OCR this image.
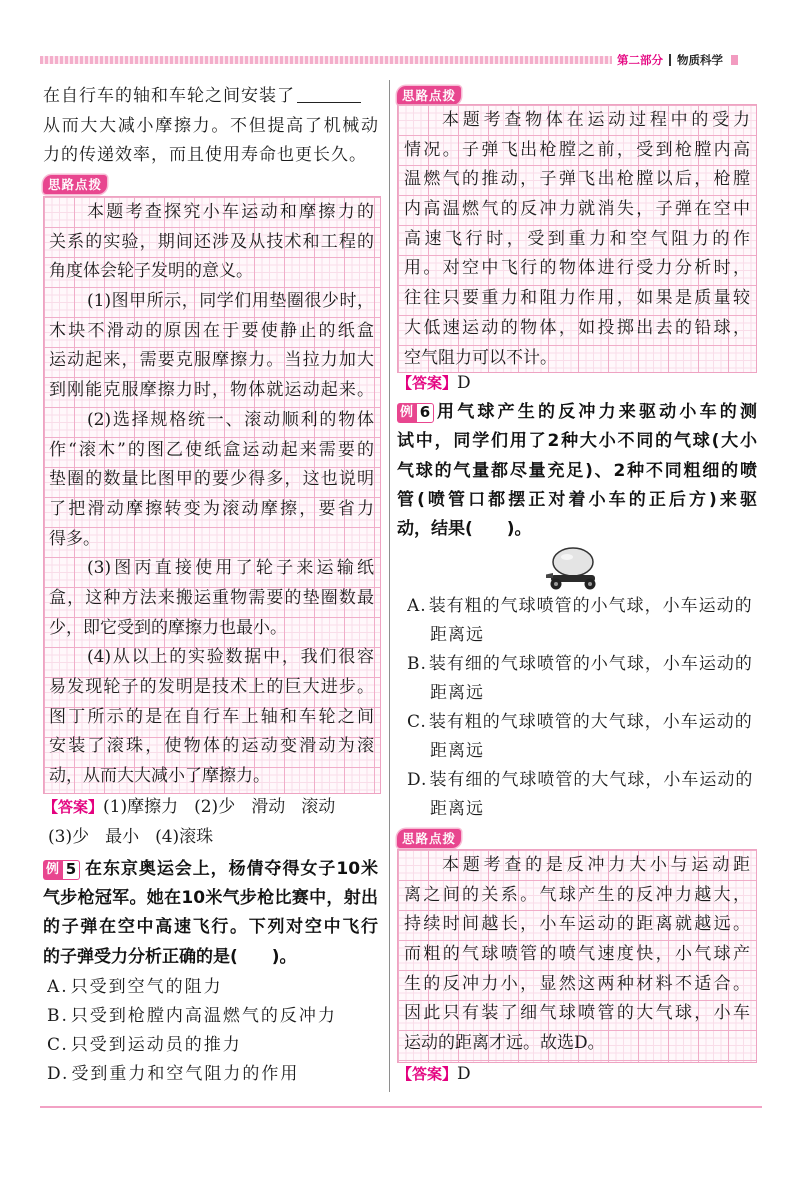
第二部分 物质科学
在自行车的轴和车轮之间安装了
从而大大减小摩擦力。不但提高了机械动
力的传递效率，而且使用寿命也更长久。
思路点拨
本题考查探究小车运动和摩擦力的
关系的实验，期间还涉及从技术和工程的
角度体会轮子发明的意义。
(1)图甲所示，同学们用垫圈很少时，
木块不滑动的原因在于要使静止的纸盒
运动起来，需要克服摩擦力。当拉力加大
到刚能克服摩擦力时，物体就运动起来。
(2)选择规格统一、滚动顺利的物体
作“滚木”的图乙使纸盒运动起来需要的
垫圈的数量比图甲的要少得多，这也说明
了把滑动摩擦转变为滚动摩擦，要省力
得多。
(3)图丙直接使用了轮子来运输纸
盒，这种方法来搬运重物需要的垫圈数最
少，即它受到的摩擦力也最小。
(4)从以上的实验数据中，我们很容
易发现轮子的发明是技术上的巨大进步。
图丁所示的是在自行车上轴和车轮之间
安装了滚珠，使物体的运动变滑动为滚
动，从而大大减小了摩擦力。
【答案】(1)摩擦力 (2)少 滑动 滚动
(3)少 最小 (4)滚珠
例 5 在东京奥运会上，杨倩夺得女子10米
气步枪冠军。她在10米气步枪比赛中，射出
的子弹在空中高速飞行。下列对空中飞行
的子弹受力分析正确的是(　　)。
A. 只受到空气的阻力
B. 只受到枪膛内高温燃气的反冲力
C. 只受到运动员的推力
D. 受到重力和空气阻力的作用
思路点拨
本题考查物体在运动过程中的受力
情况。子弹飞出枪膛之前，受到枪膛内高
温燃气的推动，子弹飞出枪膛以后，枪膛
内高温燃气的反冲力就消失，子弹在空中
高速飞行时，受到重力和空气阻力的作
用。对空中飞行的物体进行受力分析时，
往往只要重力和阻力作用，如果是质量较
大低速运动的物体，如投掷出去的铅球，
空气阻力可以不计。
【答案】D
例 6 用气球产生的反冲力来驱动小车的测
试中，同学们用了2种大小不同的气球(大小
气球的气量都尽量充足)、2种不同粗细的喷
管(喷管口都摆正对着小车的正后方)来驱
动，结果(　　)。
A. 装有粗的气球喷管的小气球，小车运动的
距离远
B. 装有细的气球喷管的小气球，小车运动的
距离远
C. 装有粗的气球喷管的大气球，小车运动的
距离远
D. 装有细的气球喷管的大气球，小车运动的
距离远
思路点拨
本题考查的是反冲力大小与运动距
离之间的关系。气球产生的反冲力越大，
持续时间越长，小车运动的距离就越远。
而粗的气球喷管的喷气速度快，小气球产
生的反冲力小，显然这两种材料不适合。
因此只有装了细气球喷管的大气球，小车
运动的距离才远。故选D。
【答案】D
